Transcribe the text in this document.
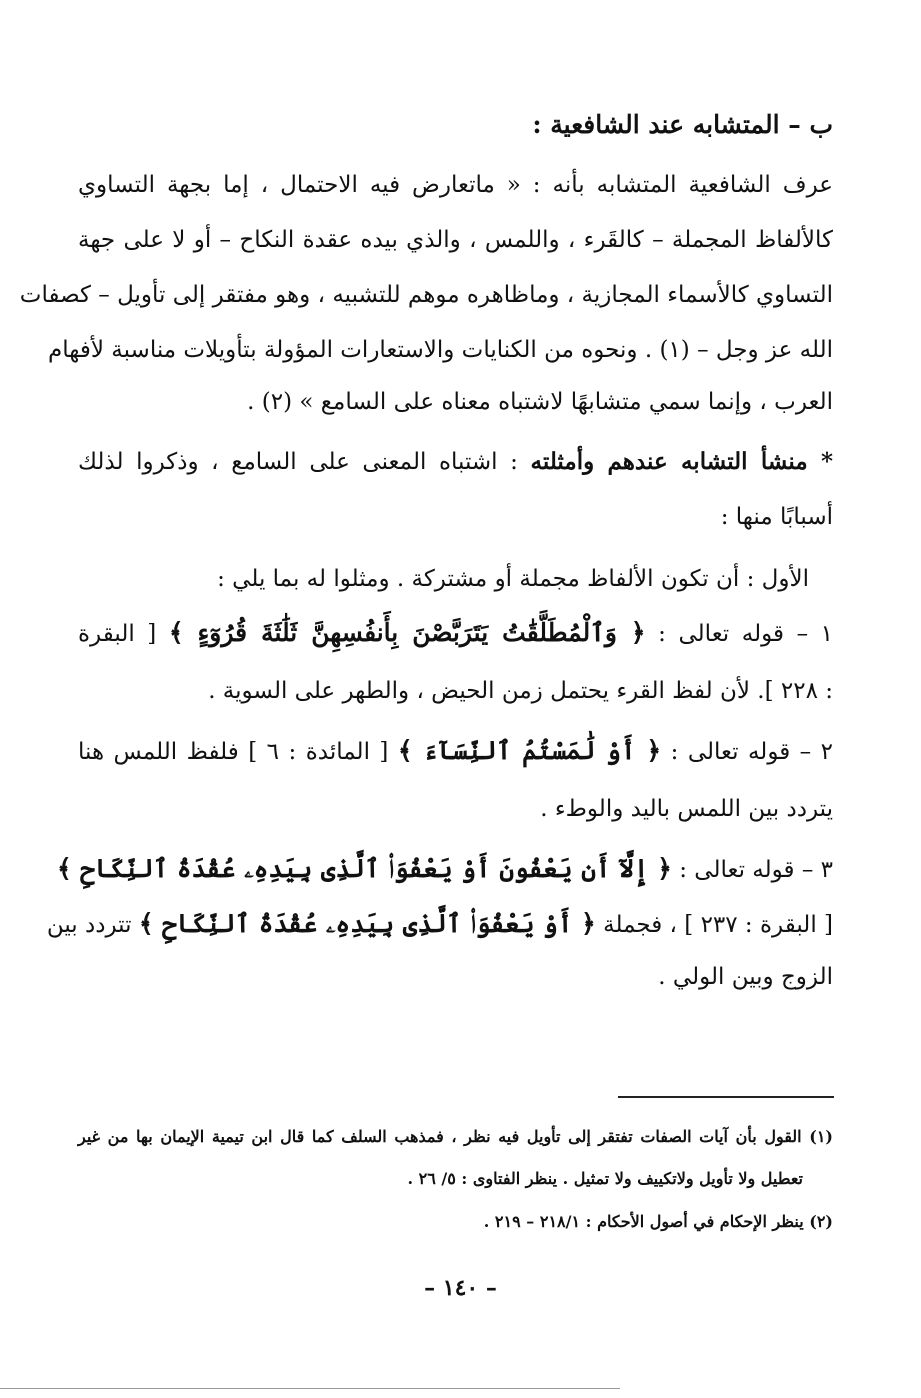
ب – المتشابه عند الشافعية :
عرف الشافعية المتشابه بأنه : « ماتعارض فيه الاحتمال ، إما بجهة التساوي
كالألفاظ المجملة – كالقَرء ، واللمس ، والذي بيده عقدة النكاح – أو لا على جهة
التساوي كالأسماء المجازية ، وماظاهره موهم للتشبيه ، وهو مفتقر إلى تأويل – كصفات
الله عز وجل – (١) . ونحوه من الكنايات والاستعارات المؤولة بتأويلات مناسبة لأفهام
العرب ، وإنما سمي متشابهًا لاشتباه معناه على السامع » (٢) .
* منشأ التشابه عندهم وأمثلته : اشتباه المعنى على السامع ، وذكروا لذلك
أسبابًا منها :
الأول : أن تكون الألفاظ مجملة أو مشتركة . ومثلوا له بما يلي :
١ – قوله تعالى : ﴿ وَٱلْمُطَلَّقَٰتُ يَتَرَبَّصْنَ بِأَنفُسِهِنَّ ثَلَٰثَةَ قُرُوٓءٍ ﴾ [ البقرة
: ٢٢٨ ]. لأن لفظ القرء يحتمل زمن الحيض ، والطهر على السوية .
٢ – قوله تعالى : ﴿ أَوْ لَٰمَسْتُمُ ٱلنِّسَآءَ ﴾ [ المائدة : ٦ ] فلفظ اللمس هنا
يتردد بين اللمس باليد والوطء .
٣ – قوله تعالى : ﴿ إِلَّآ أَن يَعْفُونَ أَوْ يَعْفُوَا۟ ٱلَّذِى بِيَدِهِۦ عُقْدَةُ ٱلنِّكَاحِ ﴾
[ البقرة : ٢٣٧ ] ، فجملة ﴿ أَوْ يَعْفُوَا۟ ٱلَّذِى بِيَدِهِۦ عُقْدَةُ ٱلنِّكَاحِ ﴾ تتردد بين
الزوج وبين الولي .
(١) القول بأن آيات الصفات تفتقر إلى تأويل فيه نظر ، فمذهب السلف كما قال ابن تيمية الإيمان بها من غير
تعطيل ولا تأويل ولاتكييف ولا تمثيل . ينظر الفتاوى : ٥/ ٢٦ .
(٢) ينظر الإحكام في أصول الأحكام : ٢١٨/١ – ٢١٩ .
– ١٤٠ –
